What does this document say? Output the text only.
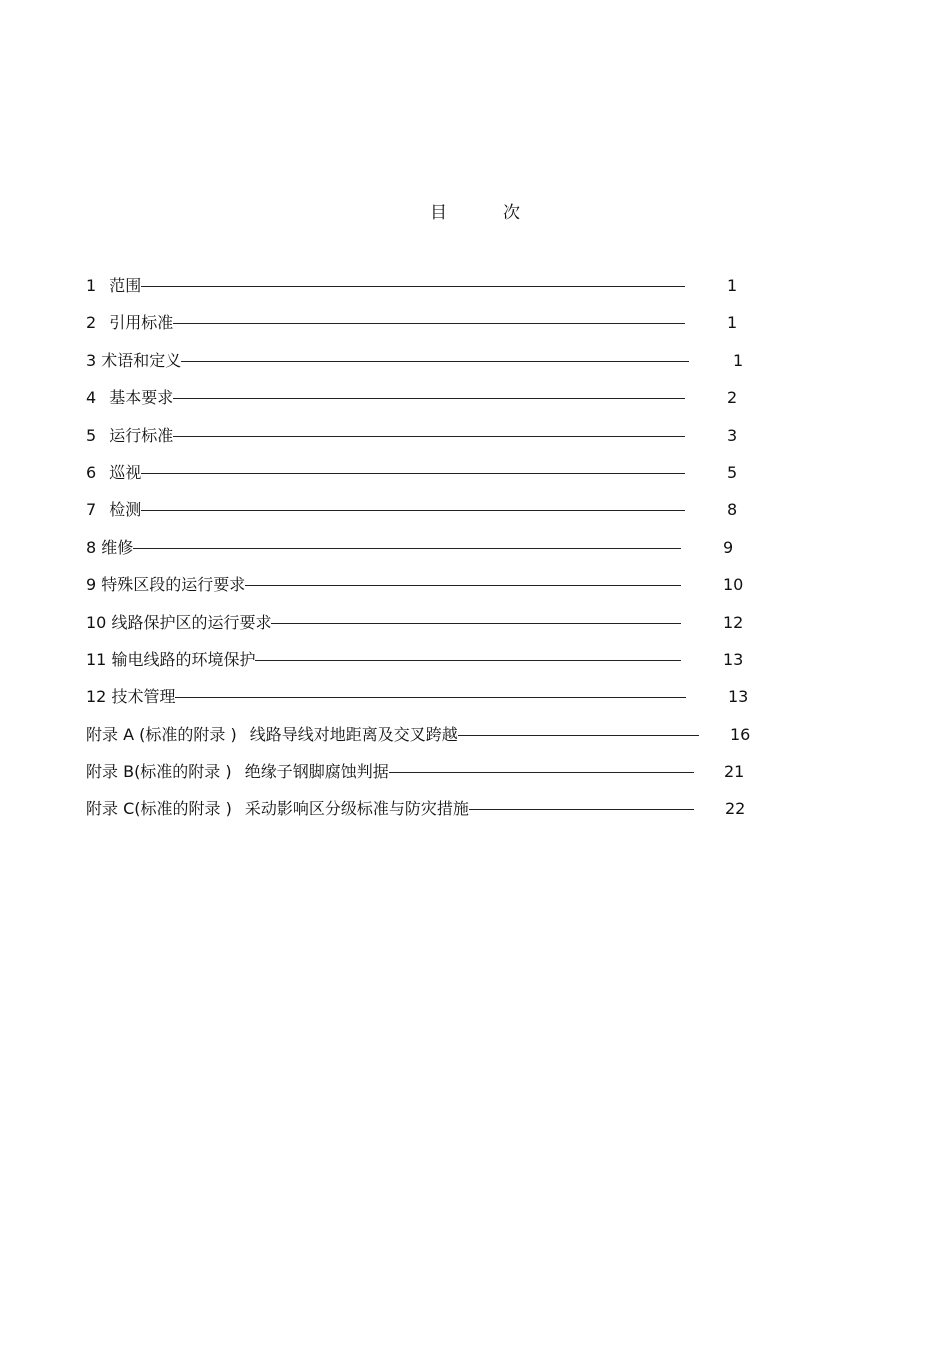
目	次
1  范围	1
2  引用标准	1
3 术语和定义	1
4  基本要求	2
5  运行标准	3
6  巡视	5
7  检测	8
8 维修	9
9 特殊区段的运行要求	10
10 线路保护区的运行要求	12
11 输电线路的环境保护	13
12 技术管理	13
附录 A (标准的附录 )  线路导线对地距离及交叉跨越	16
附录 B(标准的附录 )  绝缘子钢脚腐蚀判据	21
附录 C(标准的附录 )  采动影响区分级标准与防灾措施	22
